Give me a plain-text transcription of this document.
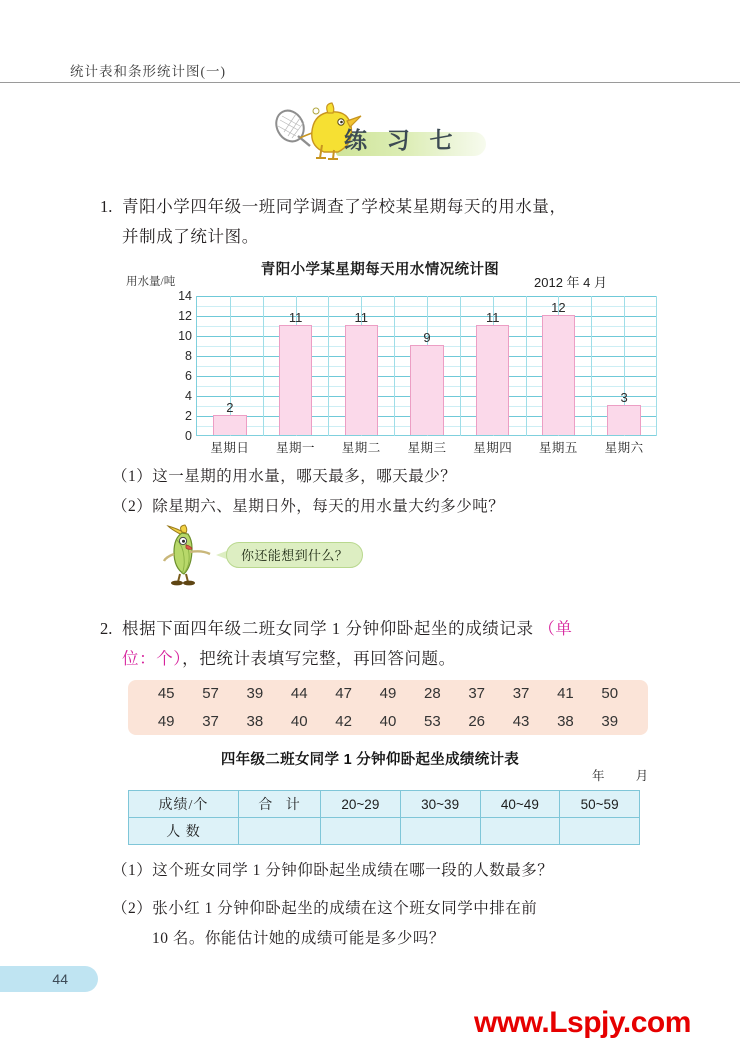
统计表和条形统计图(一)
练 习 七
1. 青阳小学四年级一班同学调查了学校某星期每天的用水量，
并制成了统计图。
青阳小学某星期每天用水情况统计图
用水量/吨	2012 年 4 月
0
2
4
6
8
10
12
14
2
星期日
11
星期一
11
星期二
9
星期三
11
星期四
12
星期五
3
星期六
（1）这一星期的用水量，哪天最多，哪天最少？
（2）除星期六、星期日外，每天的用水量大约多少吨？
你还能想到什么？
2. 根据下面四年级二班女同学 1 分钟仰卧起坐的成绩记录 （单
位：个），把统计表填写完整，再回答问题。
45	57	39	44	47	49	28	37	37	41	50
49	37	38	40	42	40	53	26	43	38	39
四年级二班女同学 1 分钟仰卧起坐成绩统计表
年 月
成绩/个	合 计	20~29	30~39	40~49	50~59
人 数					
（1）这个班女同学 1 分钟仰卧起坐成绩在哪一段的人数最多？
（2）张小红 1 分钟仰卧起坐的成绩在这个班女同学中排在前
10 名。你能估计她的成绩可能是多少吗？
44
www.Lspjy.com
